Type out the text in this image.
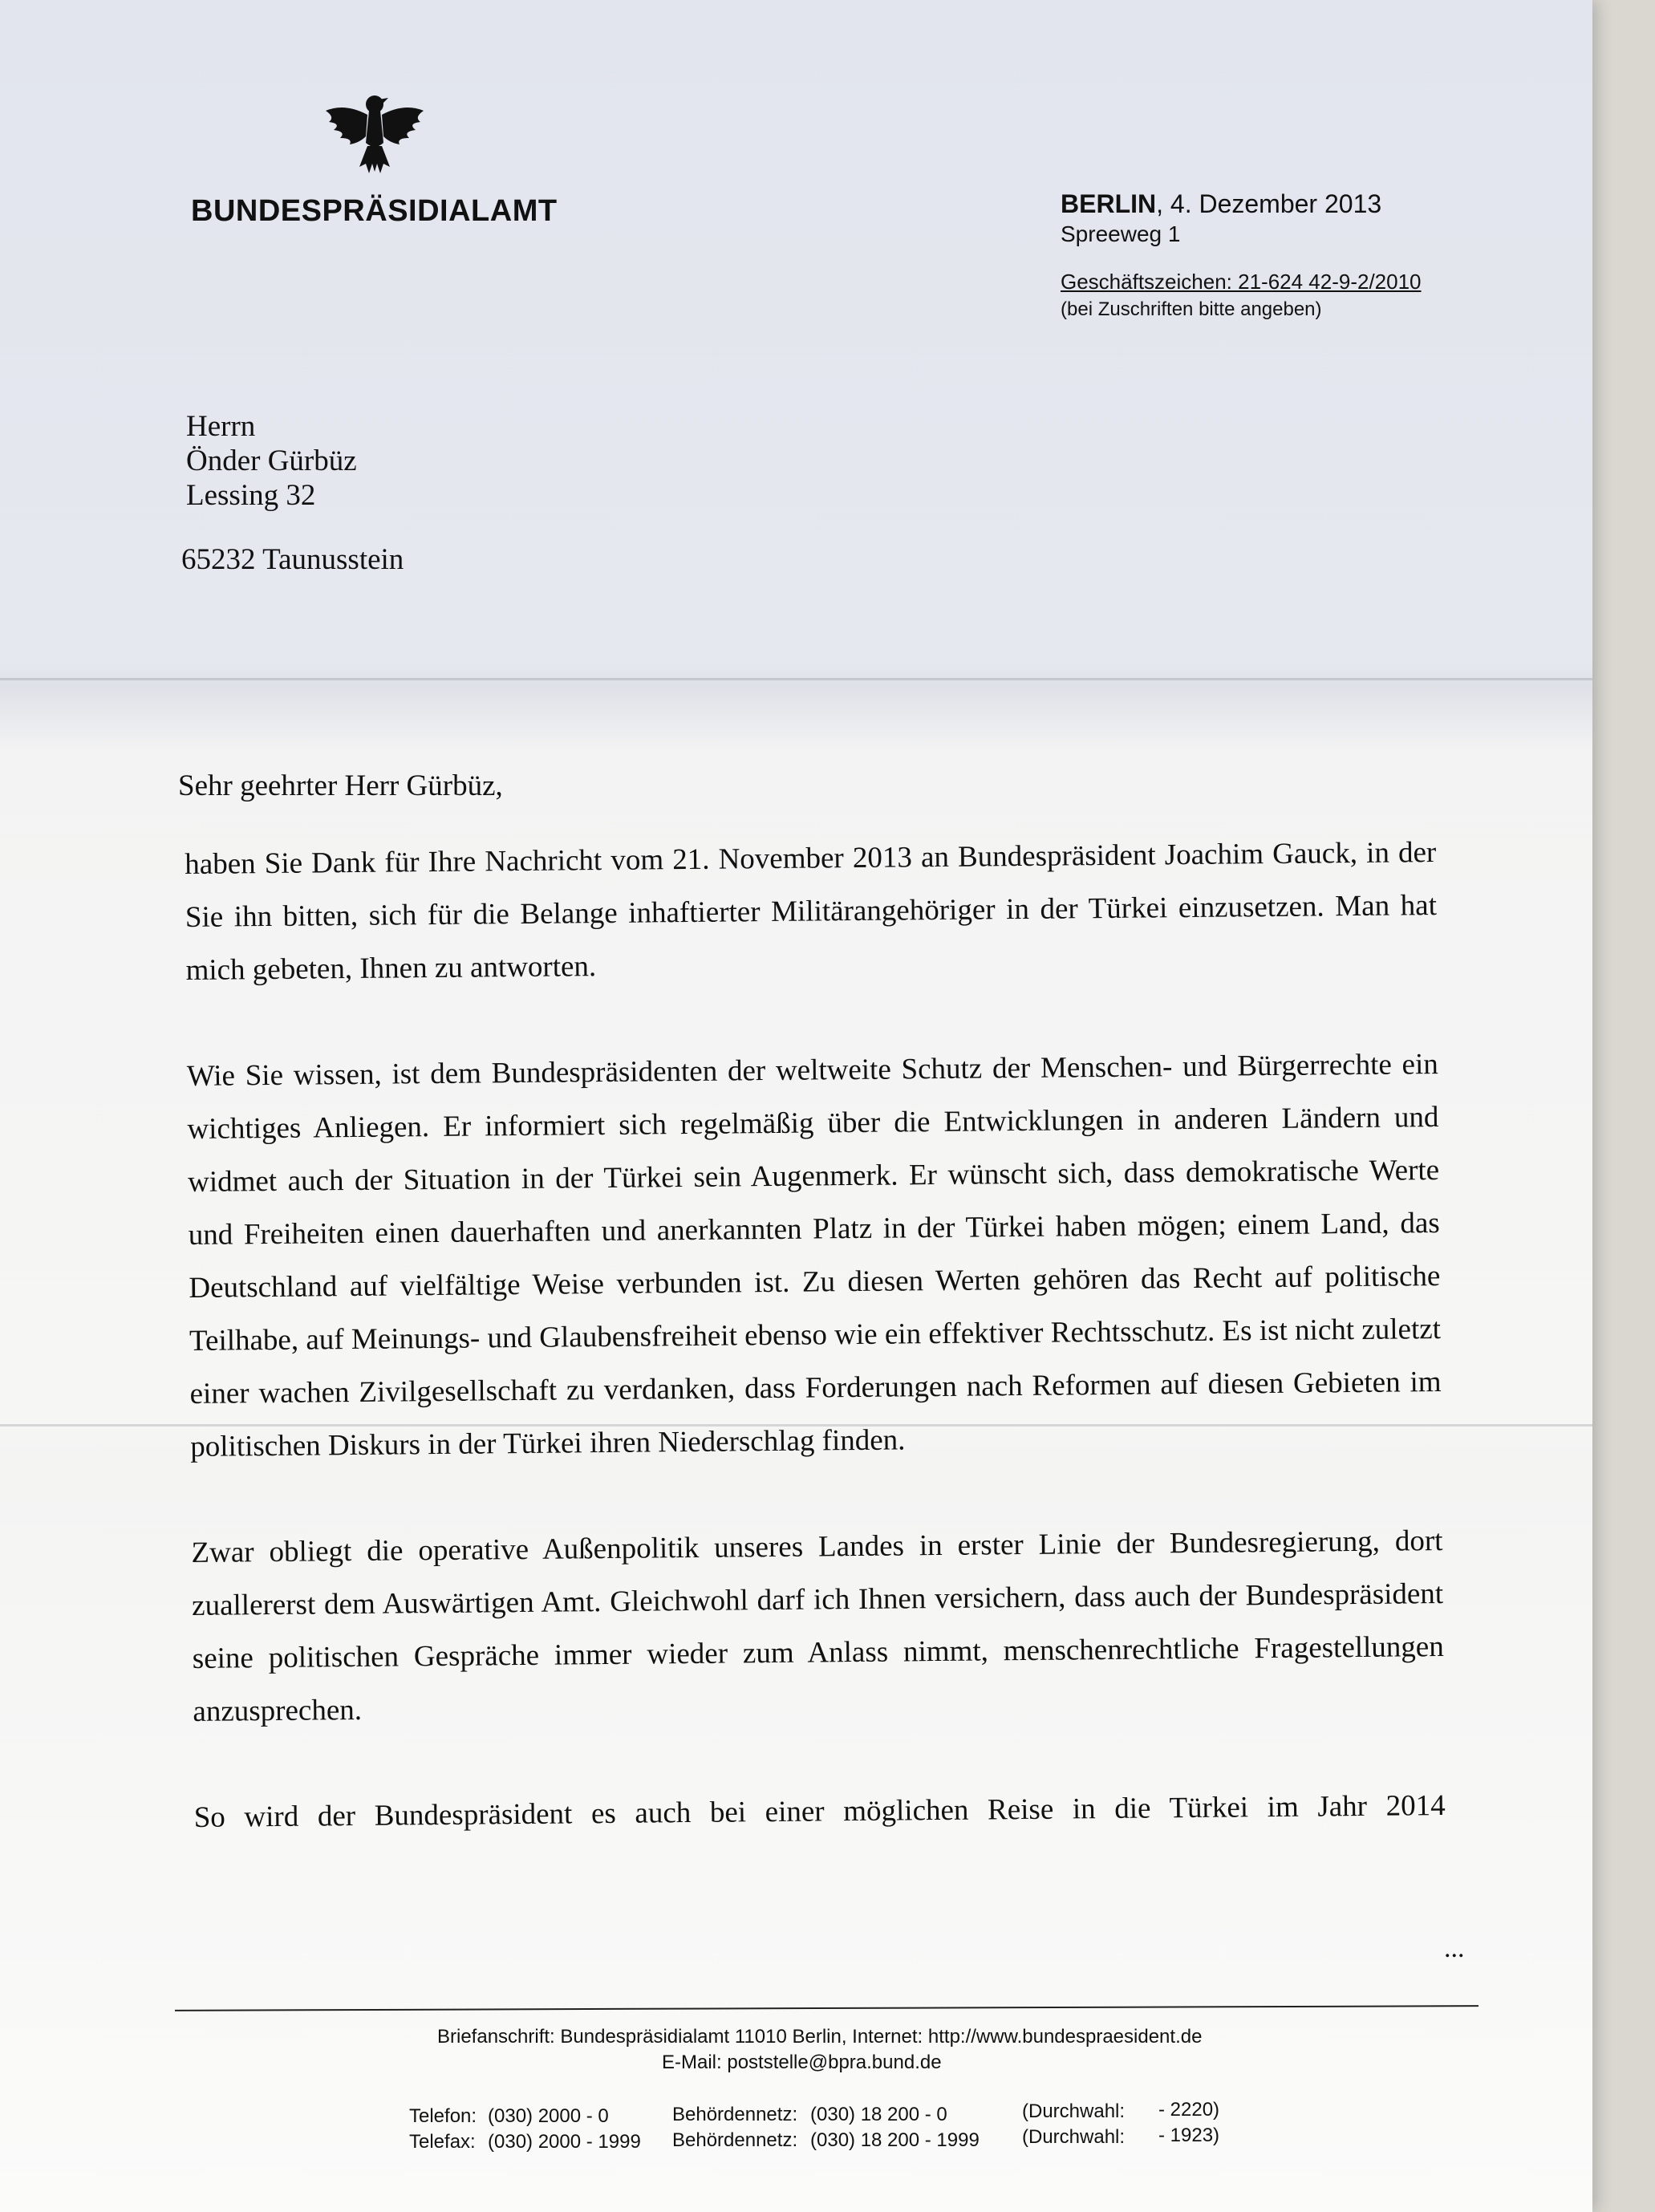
BUNDESPRÄSIDIALAMT	BERLIN, 4. Dezember 2013
Spreeweg 1
Geschäftszeichen: 21-624 42-9-2/2010
(bei Zuschriften bitte angeben)
Herrn
Önder Gürbüz
Lessing 32
65232 Taunusstein
Sehr geehrter Herr Gürbüz,
haben Sie Dank für Ihre Nachricht vom 21. November 2013 an Bundespräsident Joachim Gauck, in der Sie ihn bitten, sich für die Belange inhaftierter Militärangehöriger in der Türkei einzusetzen. Man hat mich gebeten, Ihnen zu antworten.
Wie Sie wissen, ist dem Bundespräsidenten der weltweite Schutz der Menschen- und Bürgerrechte ein wichtiges Anliegen. Er informiert sich regelmäßig über die Entwicklungen in anderen Ländern und widmet auch der Situation in der Türkei sein Augenmerk. Er wünscht sich, dass demokratische Werte und Freiheiten einen dauerhaften und anerkannten Platz in der Türkei haben mögen; einem Land, das Deutschland auf vielfältige Weise verbunden ist. Zu diesen Werten gehören das Recht auf politische Teilhabe, auf Meinungs- und Glaubensfreiheit ebenso wie ein effektiver Rechtsschutz. Es ist nicht zuletzt einer wachen Zivilgesellschaft zu verdanken, dass Forderungen nach Reformen auf diesen Gebieten im politischen Diskurs in der Türkei ihren Niederschlag finden.
Zwar obliegt die operative Außenpolitik unseres Landes in erster Linie der Bundesregierung, dort zuallererst dem Auswärtigen Amt. Gleichwohl darf ich Ihnen versichern, dass auch der Bundespräsident seine politischen Gespräche immer wieder zum Anlass nimmt, menschenrechtliche Fragestellungen anzusprechen.
So wird der Bundespräsident es auch bei einer möglichen Reise in die Türkei im Jahr 2014
...
Briefanschrift: Bundespräsidialamt 11010 Berlin, Internet: http://www.bundespraesident.de
E-Mail: poststelle@bpra.bund.de
Telefon:
Telefax:
(030) 2000 - 0
(030) 2000 - 1999
Behördennetz:
Behördennetz:
(030) 18 200 - 0
(030) 18 200 - 1999
(Durchwahl:
(Durchwahl:
- 2220)
- 1923)
